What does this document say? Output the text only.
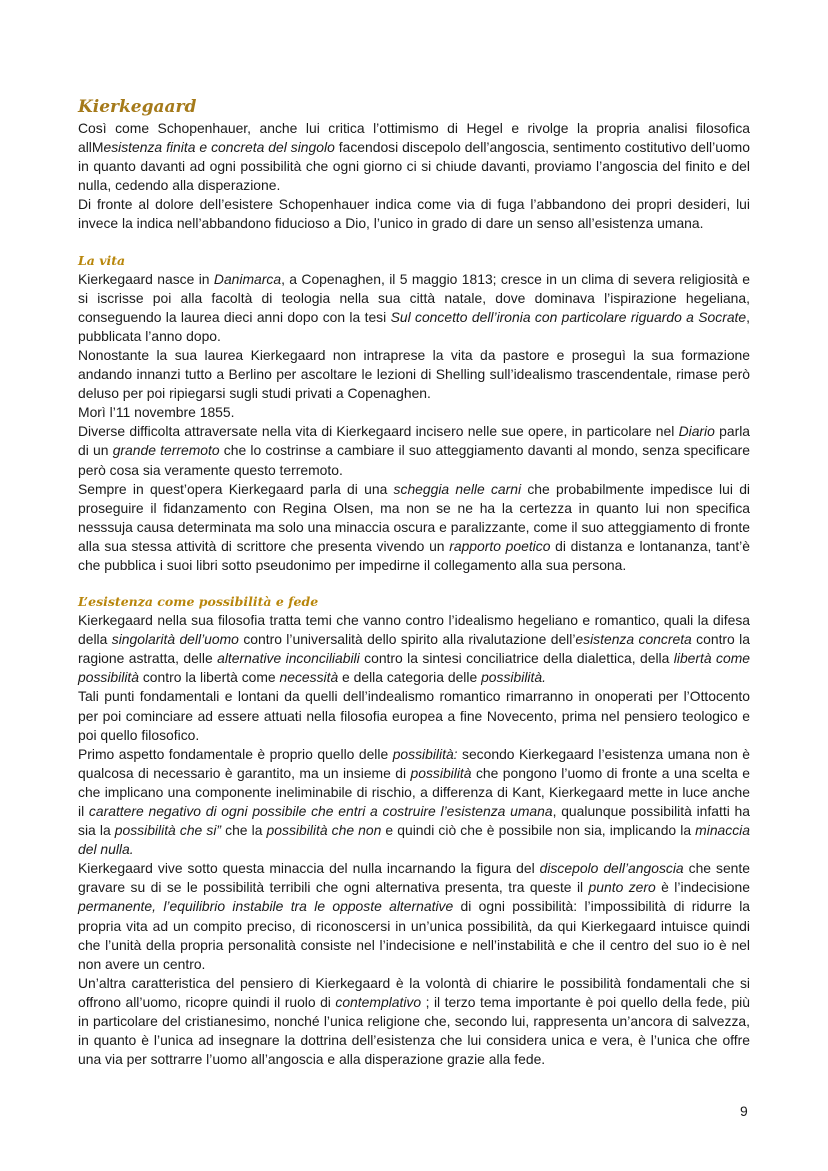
Kierkegaard

Così come Schopenhauer, anche lui critica l’ottimismo di Hegel e rivolge la propria analisi filosofica allMesistenza finita e concreta del singolo facendosi discepolo dell’angoscia, sentimento costitutivo dell’uomo in quanto davanti ad ogni possibilità che ogni giorno ci si chiude davanti, proviamo l’angoscia del finito e del nulla, cedendo alla disperazione.

Di fronte al dolore dell’esistere Schopenhauer indica come via di fuga l’abbandono dei propri desideri, lui invece la indica nell’abbandono fiducioso a Dio, l’unico in grado di dare un senso all’esistenza umana.

La vita

Kierkegaard nasce in Danimarca, a Copenaghen, il 5 maggio 1813; cresce in un clima di severa religiosità e si iscrisse poi alla facoltà di teologia nella sua città natale, dove dominava l’ispirazione hegeliana, conseguendo la laurea dieci anni dopo con la tesi Sul concetto dell’ironia con particolare riguardo a Socrate, pubblicata l’anno dopo.

Nonostante la sua laurea Kierkegaard non intraprese la vita da pastore e proseguì la sua formazione andando innanzi tutto a Berlino per ascoltare le lezioni di Shelling sull’idealismo trascendentale, rimase però deluso per poi ripiegarsi sugli studi privati a Copenaghen.

Morì l’11 novembre 1855.

Diverse difficolta attraversate nella vita di Kierkegaard incisero nelle sue opere, in particolare nel Diario parla di un grande terremoto che lo costrinse a cambiare il suo atteggiamento davanti al mondo, senza specificare però cosa sia veramente questo terremoto.

Sempre in quest’opera Kierkegaard parla di una scheggia nelle carni che probabilmente impedisce lui di proseguire il fidanzamento con Regina Olsen, ma non se ne ha la certezza in quanto lui non specifica nesssuja causa determinata ma solo una minaccia oscura e paralizzante, come il suo atteggiamento di fronte alla sua stessa attività di scrittore che presenta vivendo un rapporto poetico di distanza e lontananza, tant’è che pubblica i suoi libri sotto pseudonimo per impedirne il collegamento alla sua persona.

L’esistenza come possibilità e fede

Kierkegaard nella sua filosofia tratta temi che vanno contro l’idealismo hegeliano e romantico, quali la difesa della singolarità dell’uomo contro l’universalità dello spirito alla rivalutazione dell’esistenza concreta contro la ragione astratta, delle alternative inconciliabili contro la sintesi conciliatrice della dialettica, della libertà come possibilità contro la libertà come necessità e della categoria delle possibilità.

Tali punti fondamentali e lontani da quelli dell’indealismo romantico rimarranno in onoperati per l’Ottocento per poi cominciare ad essere attuati nella filosofia europea a fine Novecento, prima nel pensiero teologico e poi quello filosofico.

Primo aspetto fondamentale è proprio quello delle possibilità: secondo Kierkegaard l’esistenza umana non è qualcosa di necessario è garantito, ma un insieme di possibilità che pongono l’uomo di fronte a una scelta e che implicano una componente ineliminabile di rischio, a differenza di Kant, Kierkegaard mette in luce anche il carattere negativo di ogni possibile che entri a costruire l’esistenza umana, qualunque possibilità infatti ha sia la possibilità che si” che la possibilità che non e quindi ciò che è possibile non sia, implicando la minaccia del nulla.

Kierkegaard vive sotto questa minaccia del nulla incarnando la figura del discepolo dell’angoscia che sente gravare su di se le possibilità terribili che ogni alternativa presenta, tra queste il punto zero è l’indecisione permanente, l’equilibrio instabile tra le opposte alternative di ogni possibilità: l’impossibilità di ridurre la propria vita ad un compito preciso, di riconoscersi in un’unica possibilità, da qui Kierkegaard intuisce quindi che l’unità della propria personalità consiste nel l’indecisione e nell’instabilità e che il centro del suo io è nel non avere un centro.

Un’altra caratteristica del pensiero di Kierkegaard è la volontà di chiarire le possibilità fondamentali che si offrono all’uomo, ricopre quindi il ruolo di contemplativo ; il terzo tema importante è poi quello della fede, più in particolare del cristianesimo, nonché l’unica religione che, secondo lui, rappresenta un’ancora di salvezza, in quanto è l’unica ad insegnare la dottrina dell’esistenza che lui considera unica e vera, è l’unica che offre una via per sottrarre l’uomo all’angoscia e alla disperazione grazie alla fede.

9
